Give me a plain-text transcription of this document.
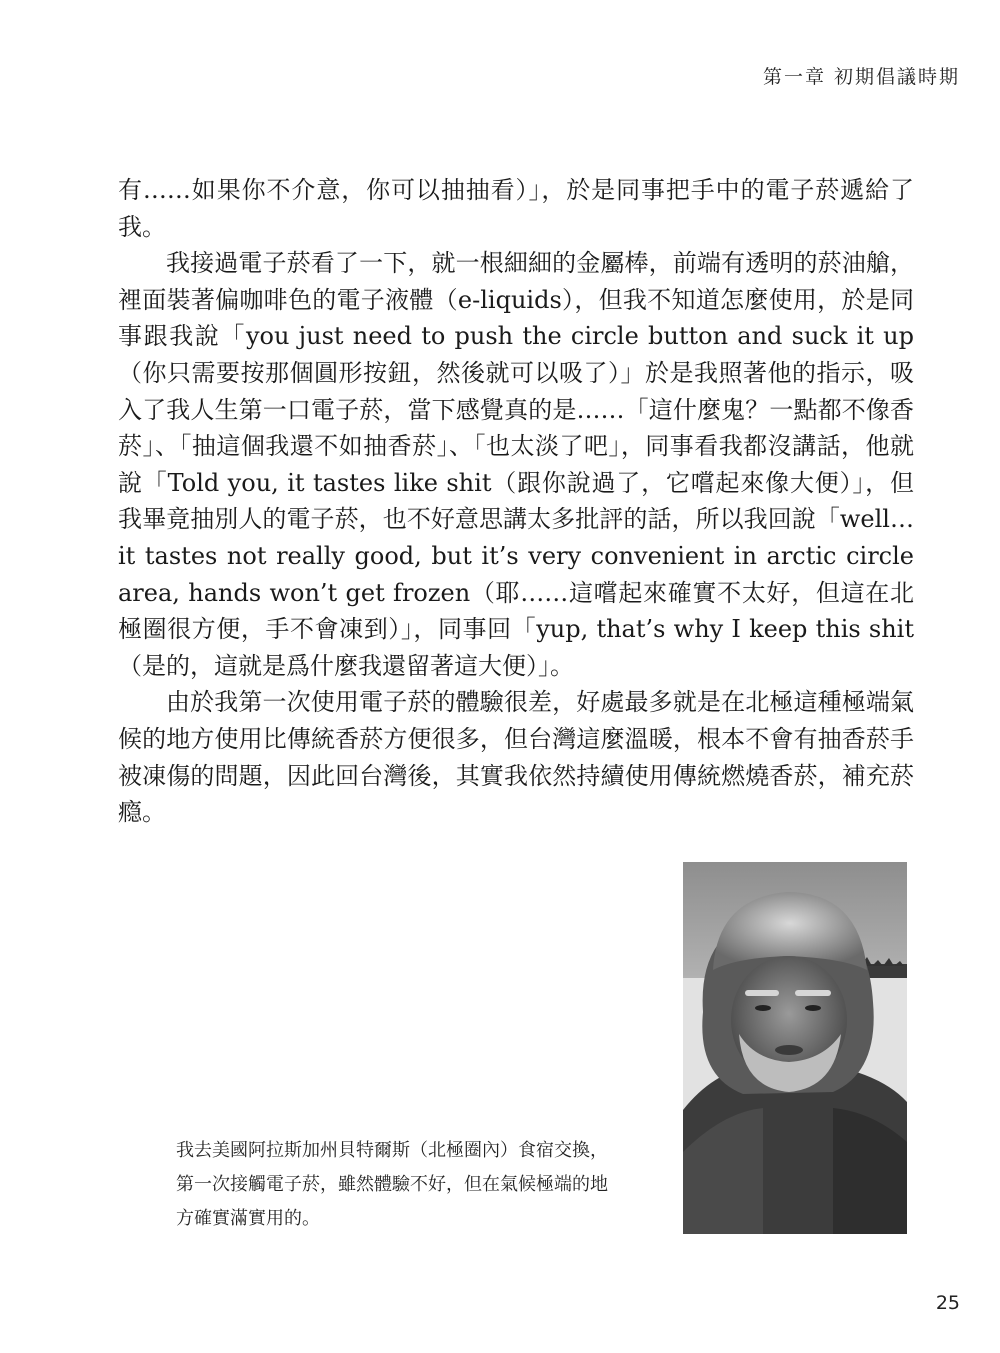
第一章 初期倡議時期

有……如果你不介意，你可以抽抽看）」，於是同事把手中的電子菸遞給了我。

我接過電子菸看了一下，就一根細細的金屬棒，前端有透明的菸油艙，裡面裝著偏咖啡色的電子液體（e-liquids），但我不知道怎麼使用，於是同事跟我說「you just need to push the circle button and suck it up（你只需要按那個圓形按鈕，然後就可以吸了）」於是我照著他的指示，吸入了我人生第一口電子菸，當下感覺真的是……「這什麼鬼？一點都不像香菸」、「抽這個我還不如抽香菸」、「也太淡了吧」，同事看我都沒講話，他就說「Told you, it tastes like shit（跟你說過了，它嚐起來像大便）」，但我畢竟抽別人的電子菸，也不好意思講太多批評的話，所以我回說「well…it tastes not really good, but it’s very convenient in arctic circle area, hands won’t get frozen（耶……這嚐起來確實不太好，但這在北極圈很方便，手不會凍到）」，同事回「yup, that’s why I keep this shit（是的，這就是爲什麼我還留著這大便）」。

由於我第一次使用電子菸的體驗很差，好處最多就是在北極這種極端氣候的地方使用比傳統香菸方便很多，但台灣這麼溫暖，根本不會有抽香菸手被凍傷的問題，因此回台灣後，其實我依然持續使用傳統燃燒香菸，補充菸瘾。

我去美國阿拉斯加州貝特爾斯（北極圈內）食宿交換，

第一次接觸電子菸，雖然體驗不好，但在氣候極端的地

方確實滿實用的。

25
